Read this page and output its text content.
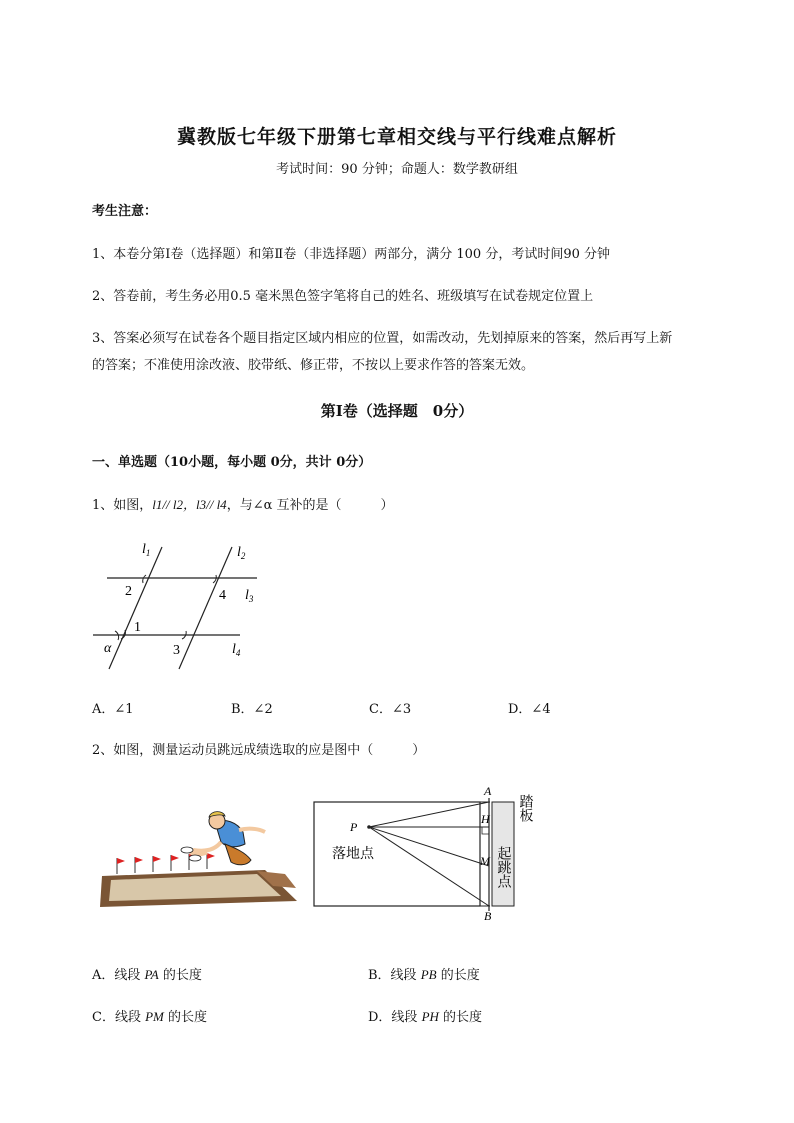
冀教版七年级下册第七章相交线与平行线难点解析
考试时间：90 分钟；命题人：数学教研组
考生注意：
1、本卷分第Ⅰ卷（选择题）和第Ⅱ卷（非选择题）两部分，满分 100 分，考试时间90 分钟
2、答卷前，考生务必用0.5 毫米黑色签字笔将自己的姓名、班级填写在试卷规定位置上
3、答案必须写在试卷各个题目指定区域内相应的位置，如需改动，先划掉原来的答案，然后再写上新
的答案；不准使用涂改液、胶带纸、修正带，不按以上要求作答的答案无效。
第Ⅰ卷（选择题　0分）
一、单选题（10小题，每小题 0分，共计 0分）
1、如图，l1// l2，l3// l4，与∠α 互补的是（　　　）
$l_1$	$l_2$
$l_3$
$l_4$
2	4
1
3
α
A．∠1	B．∠2	C．∠3	D．∠4
2、如图，测量运动员跳远成绩选取的应是图中（　　　）
A
B
P
H
M
落地点	起跳点
踏板
A．线段 PA 的长度	B．线段 PB 的长度
C．线段 PM 的长度	D．线段 PH 的长度
